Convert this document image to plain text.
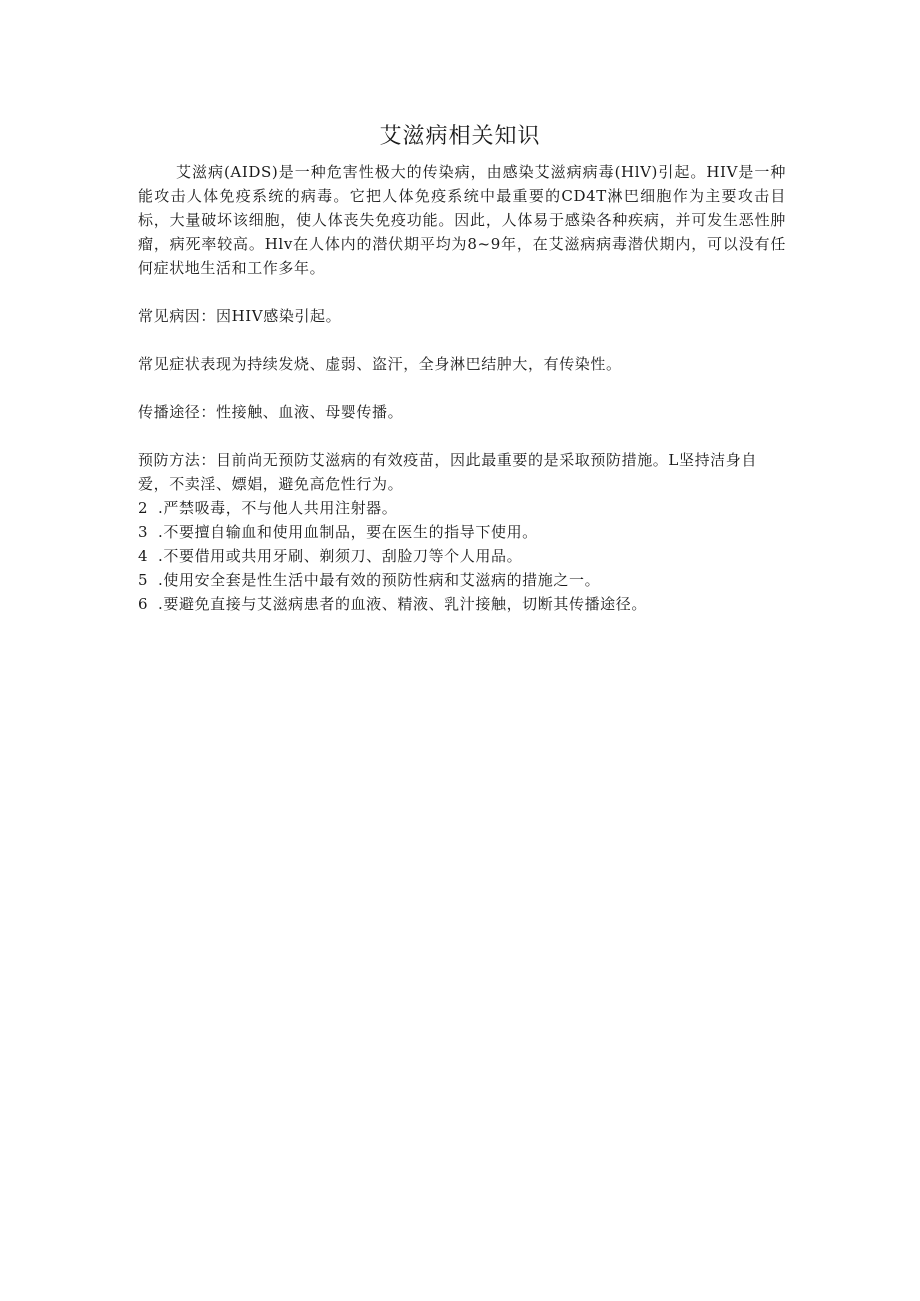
艾滋病相关知识

艾滋病(AIDS)是一种危害性极大的传染病，由感染艾滋病病毒(HlV)引起。HIV是一种能攻击人体免疫系统的病毒。它把人体免疫系统中最重要的CD4T淋巴细胞作为主要攻击目标，大量破坏该细胞，使人体丧失免疫功能。因此，人体易于感染各种疾病，并可发生恶性肿瘤，病死率较高。Hlv在人体内的潜伏期平均为8~9年，在艾滋病病毒潜伏期内，可以没有任何症状地生活和工作多年。

常见病因：因HIV感染引起。

常见症状表现为持续发烧、虚弱、盗汗，全身淋巴结肿大，有传染性。

传播途径：性接触、血液、母婴传播。

预防方法：目前尚无预防艾滋病的有效疫苗，因此最重要的是采取预防措施。L坚持洁身自爱，不卖淫、嫖娼，避免高危性行为。

2 .严禁吸毒，不与他人共用注射器。
3 .不要擅自输血和使用血制品，要在医生的指导下使用。
4 .不要借用或共用牙刷、剃须刀、刮脸刀等个人用品。
5 .使用安全套是性生活中最有效的预防性病和艾滋病的措施之一。
6 .要避免直接与艾滋病患者的血液、精液、乳汁接触，切断其传播途径。
